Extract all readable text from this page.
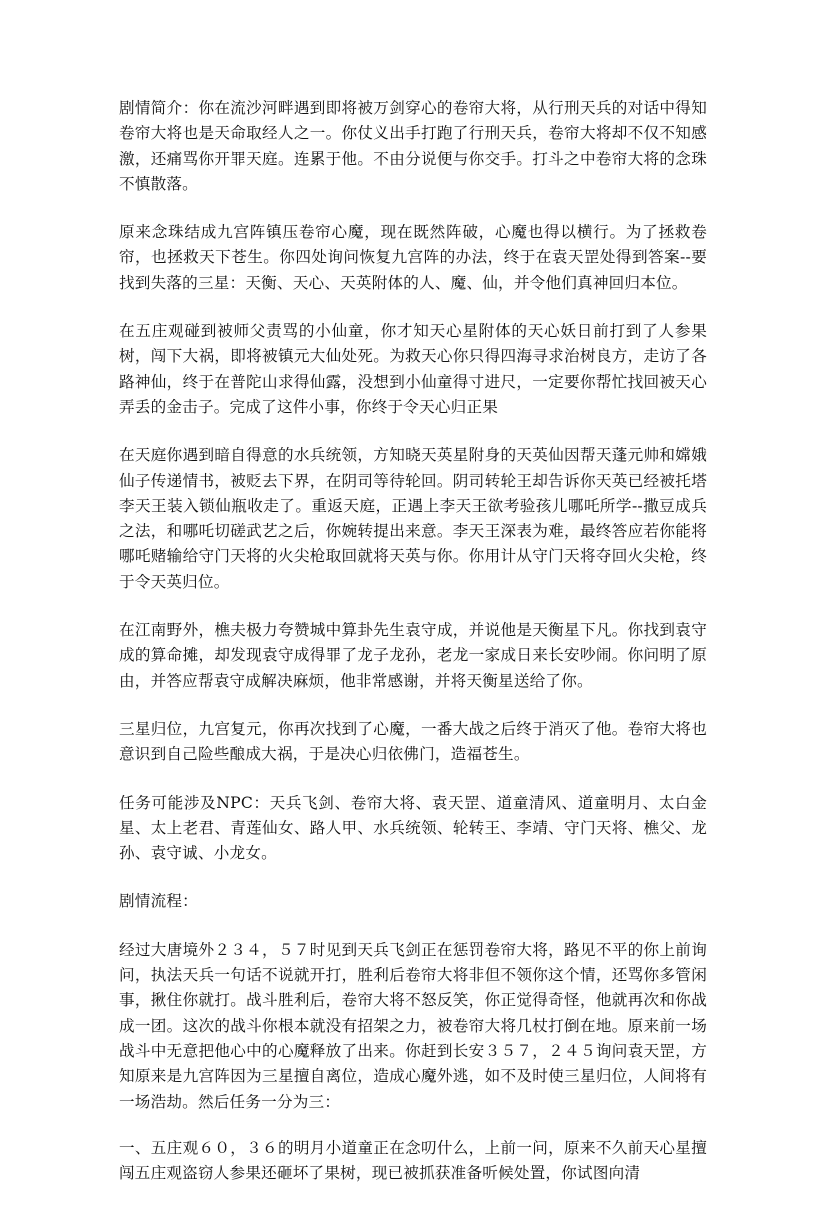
剧情简介：你在流沙河畔遇到即将被万剑穿心的卷帘大将，从行刑天兵的对话中得知卷帘大将也是天命取经人之一。你仗义出手打跑了行刑天兵，卷帘大将却不仅不知感激，还痛骂你开罪天庭。连累于他。不由分说便与你交手。打斗之中卷帘大将的念珠不慎散落。

原来念珠结成九宫阵镇压卷帘心魔，现在既然阵破，心魔也得以横行。为了拯救卷帘，也拯救天下苍生。你四处询问恢复九宫阵的办法，终于在袁天罡处得到答案--要找到失落的三星：天衡、天心、天英附体的人、魔、仙，并令他们真神回归本位。

在五庄观碰到被师父责骂的小仙童，你才知天心星附体的天心妖日前打到了人参果树，闯下大祸，即将被镇元大仙处死。为救天心你只得四海寻求治树良方，走访了各路神仙，终于在普陀山求得仙露，没想到小仙童得寸进尺，一定要你帮忙找回被天心弄丢的金击子。完成了这件小事，你终于令天心归正果

在天庭你遇到暗自得意的水兵统领，方知晓天英星附身的天英仙因帮天蓬元帅和嫦娥仙子传递情书，被贬去下界，在阴司等待轮回。阴司转轮王却告诉你天英已经被托塔李天王装入锁仙瓶收走了。重返天庭，正遇上李天王欲考验孩儿哪吒所学--撒豆成兵之法，和哪吒切磋武艺之后，你婉转提出来意。李天王深表为难，最终答应若你能将哪吒赌输给守门天将的火尖枪取回就将天英与你。你用计从守门天将夺回火尖枪，终于令天英归位。

在江南野外，樵夫极力夸赞城中算卦先生袁守成，并说他是天衡星下凡。你找到袁守成的算命摊，却发现袁守成得罪了龙子龙孙，老龙一家成日来长安吵闹。你问明了原由，并答应帮袁守成解决麻烦，他非常感谢，并将天衡星送给了你。

三星归位，九宫复元，你再次找到了心魔，一番大战之后终于消灭了他。卷帘大将也意识到自己险些酿成大祸，于是决心归依佛门，造福苍生。

任务可能涉及NPC：天兵飞剑、卷帘大将、袁天罡、道童清风、道童明月、太白金星、太上老君、青莲仙女、路人甲、水兵统领、轮转王、李靖、守门天将、樵父、龙孙、袁守诚、小龙女。

剧情流程：

经过大唐境外２３４，５７时见到天兵飞剑正在惩罚卷帘大将，路见不平的你上前询问，执法天兵一句话不说就开打，胜利后卷帘大将非但不领你这个情，还骂你多管闲事，揪住你就打。战斗胜利后，卷帘大将不怒反笑，你正觉得奇怪，他就再次和你战成一团。这次的战斗你根本就没有招架之力，被卷帘大将几杖打倒在地。原来前一场战斗中无意把他心中的心魔释放了出来。你赶到长安３５７，２４５询问袁天罡，方知原来是九宫阵因为三星擅自离位，造成心魔外逃，如不及时使三星归位，人间将有一场浩劫。然后任务一分为三：

一、五庄观６０，３６的明月小道童正在念叨什么，上前一问，原来不久前天心星擅闯五庄观盗窃人参果还砸坏了果树，现已被抓获准备听候处置，你试图向清
